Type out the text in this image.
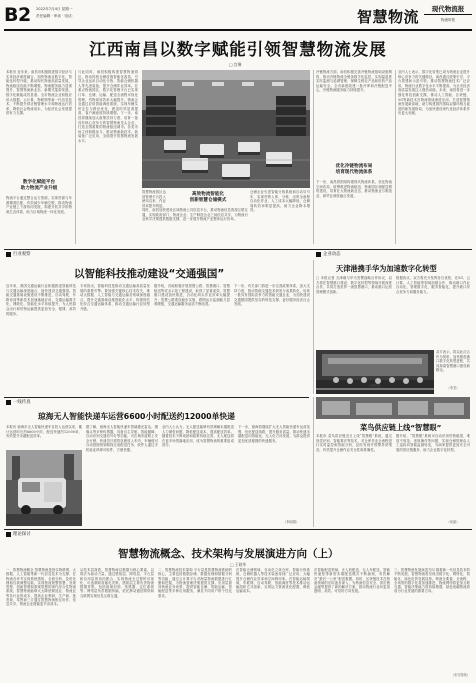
B2 2022年7月4日 星期一
责任编辑 · 审读 · 电话：	智慧物流	现代物流报
物流时报
江西南昌以数字赋能引领智慧物流发展
□ 宫琳
本报讯 近年来，南昌市积极推进数字经济与实体经济深度融合，加快物流业数字化、智能化转型升级，推动现代物流高质量发展，物流枢纽功能不断增强，物流服务能力显著提升，智慧物流新业态、新模式蓬勃发展，数字化赋能成效显著。全市物流企业积极应用大数据、云计算、物联网等新一代信息技术，不断提升供应链管理水平和物流运行效率，降低社会物流成本，为经济社会发展提供有力支撑。
数字化赋能平台
助力物流产业升级
物流平台通过整合运力资源，实现货源与车源精准匹配，有效减少车辆空驶，推动物流产业链上下游协同发展，构建开放共享的物流生态体系，助力区域物流一体化发展。
与此同时，南昌积极构建智慧物流园区，推动传统仓储设施智能化改造，引导企业运用自动化分拣、智能仓储机器人等先进装备，提升仓储作业效率。在重点物流园区，数字化管理平台已实现订单、仓储、运输、配送全流程可视化管理，货物周转效率大幅提升。物流企业通过应用智能调度系统，实现车辆实时定位与路径优化，配送时效显著提高，客户满意度持续增强。下一步，南昌将继续加大政策扶持力度，培育一批具有核心竞争力的智慧物流龙头企业，打造全国重要的物流枢纽城市。各类市场主体积极参与，推动物流新技术、新装备广泛应用，全面提升智慧物流发展水平。
高效物流智能化
创新智慧仓储模式
智慧物流园区运营管理平台投入使用以来，作业效率提升明显。
仓储企业引进智能分拣系统和自动导引车，实现货物入库、分拣、出库全流程自动化作业，人工成本大幅降低，仓储周转效率明显提高，助力企业降本增效。
同时，南昌加快建设区域物流公共信息平台，推动物流信息资源互联互通，实现政府部门、物流企业、生产制造企业之间信息共享，为物流行业科学决策提供数据支撑，进一步提升物流产业整体运行效率。
冷链物流方面，南昌积极完善冷链物流基础设施网络，推动冷链物流全链条数字化监控，实现温湿度实时监测与追溯管理，保障生鲜农产品和医药产品运输安全。全市新建改建一批冷库和冷链配送中心，冷链物流服务能力持续提升。
优化冷链物流布局
培育现代物流体系
下一步，南昌将围绕构建现代物流体系，优化物流空间布局，统筹推进物流枢纽、物流园区和配送网络建设，培育壮大物流新业态，推动物流业与制造业、商贸业深度融合发展。
业内人士表示，数字化转型已成为物流企业提升核心竞争力的关键路径。南昌通过政策引导、平台搭建和示范引领，推动智慧物流技术广泛应用，物流行业数字化水平不断提高，为全市经济高质量发展注入强劲动能。未来，南昌将进一步强化科技创新支撑，推动人工智能、区块链、5G等新技术在物流领域深度应用，打造智慧物流发展新高地，助力构建国内国际双循环相互促进的新发展格局，为加快建设现代化经济体系作出更大贡献。
行业观察	企业动态
以智能科技推动建设“交通强国”
近年来，我国交通运输行业积极推进智能科技与交通运输深度融合，加快建设交通强国。智能交通基础设施建设不断推进，自动驾驶、车路协同等新技术加速落地应用，交通运输数字化、网联化、智能化水平持续提升，为人民群众出行和货物运输提供更加安全、便捷、高效的服务。
专家指出，智能科技是推动交通运输高质量发展的重要引擎。要加强关键核心技术攻关，推动大数据、人工智能与交通运输各领域深度融合，提升交通基础设施智能化水平，构建现代化综合交通运输体系，推动交通运输行业转型升级。
据介绍，各地积极开展智慧公路、智慧港口、智慧枢纽等试点示范工程建设，取得了显著成效。智慧港口建设加快推进，自动化码头作业效率大幅提升；智慧公路建设稳步实施，路网运行监测能力显著增强，交通运输服务品质不断改善。
下一步，有关部门将进一步完善政策体系，加大支持力度，推动智能交通技术研发与成果转化，培育一批具有国际竞争力的智能交通企业，为加快建设交通强国提供坚实的科技支撑，更好服务经济社会发展。
天津港携手华为加速数字化转型
□ 本报记者 天津港与华为签署战略合作协议，双方将在智慧港口建设、数字化转型等领域开展深度合作，共同打造世界一流智慧港口，推动港口运营管理模式创新。
根据协议，双方将充分发挥各自优势，在5G、云计算、人工智能等领域加强合作，推动港口作业自动化、管理数字化、服务智能化，提升港口综合竞争力和服务能力。
（刘海燕）
双方表示，将以此次合作为契机，加快推进港口数字化转型进程，共同探索智慧港口建设新路径。
（李龙）
一线传真
琼海无人智能快递车运营6600小时配送约12000单快递
本报讯 琼海市无人智能快递车自投入运营以来，累计运营时长约6600小时，配送快递约12000单，有效提升末端配送效率。
据了解，琼海无人智能快递车搭载激光雷达、摄像头等多种传感器，具备自主导航、智能避障、自动识别交通信号灯等功能，可在城市道路上安全行驶。快递员只需将包裹放入车内，车辆便可自动按照规划路线完成配送任务，收件人通过手机验证码即可取件，方便快捷。
业内人士认为，无人配送能够有效缓解末端配送人力紧张问题，降低配送成本，提高配送效率。随着技术不断成熟和政策持续完善，无人配送将在更多场景落地应用，成为智慧物流的重要组成部分。
下一步，琼海将继续扩大无人智能快递车运营范围，优化配送线路，提升服务质量，推动快递末端配送向智能化、无人化方向发展，为群众提供更加优质便捷的快递服务。
（李丽娟）
菜鸟供应链上线“智慧眼”
本报讯 菜鸟供应链近日上线“智慧眼”系统，通过视觉识别、智能算法等技术，对仓库作业全流程进行实时监控和智能分析，及时发现并预警异常情况，有效提升仓储作业安全性和准确性。
据介绍，“智慧眼”系统可自动识别货物破损、堆放不规范、违规操作等问题，实现仓储管理由人工巡检向智能监测转变，为商家提供更加安全可靠的供应链服务，助力企业数字化转型。
（何丽）
理论探讨
智慧物流概念、技术架构与发展演进方向（上）
□ 王晓华
一、智慧物流概念 智慧物流是指以物联网、大数据、人工智能等新一代信息技术为支撑，在物流各环节实现系统感知、全面分析、及时处理和自我调整功能，实现物流规整智慧、发现智慧、创新智慧和系统智慧的现代综合性物流系统。智慧物流能够大大降低制造业、物流业等各行业的成本，提高企业利润，生产商、批发商、零售商三方通过智慧物流相互协作，信息共享，物流企业便能更节省成本。
从技术层面看，智慧物流以数据为核心要素，以算法为驱动力量，通过感知层、网络层、平台层和应用层的协同配合，实现物流全过程的可视化、可追溯和智能化决策。感知层主要负责物流数据采集，包括射频识别、传感器、定位系统等；网络层负责数据传输，依托移动通信网络和互联网实现信息互联互通。
二、智慧物流技术架构 平台层是智慧物流系统的核心，主要包括数据存储、数据处理和数据分析等功能，通过云计算平台对海量物流数据进行汇聚和挖掘，为物流管理决策提供支撑。应用层面向物流业务场景，提供智能仓储、智能运输、智能配送等多种应用服务，满足不同用户的个性化需求。
在智能仓储领域，自动化立体仓库、智能分拣系统、仓储机器人等技术装备得到广泛应用，大幅提升仓储作业效率和空间利用率。在智能运输领域，车联网、自动驾驶、智能调度等技术推动运输组织方式创新，实现运力资源优化配置，降低运输成本。
在智能配送领域，无人机配送、无人车配送、智能快递柜等新型末端配送模式不断涌现，有效解决“最后一公里”配送难题。同时，区块链技术在物流领域的应用逐步深入，为物流信息安全、供应链金融等提供了新的解决方案，推动物流行业向更加透明、高效、可信的方向发展。
三、智慧物流发展演进方向 随着新一代信息技术的不断发展，智慧物流将呈现出数字化、网络化、智能化、绿色化的发展趋势。物流全要素、全流程、全场景的数字化将加速推进，物流网络将更加互联互通，智能决策能力将持续增强，绿色低碳物流将成为行业发展的重要方向。
（未完待续）
